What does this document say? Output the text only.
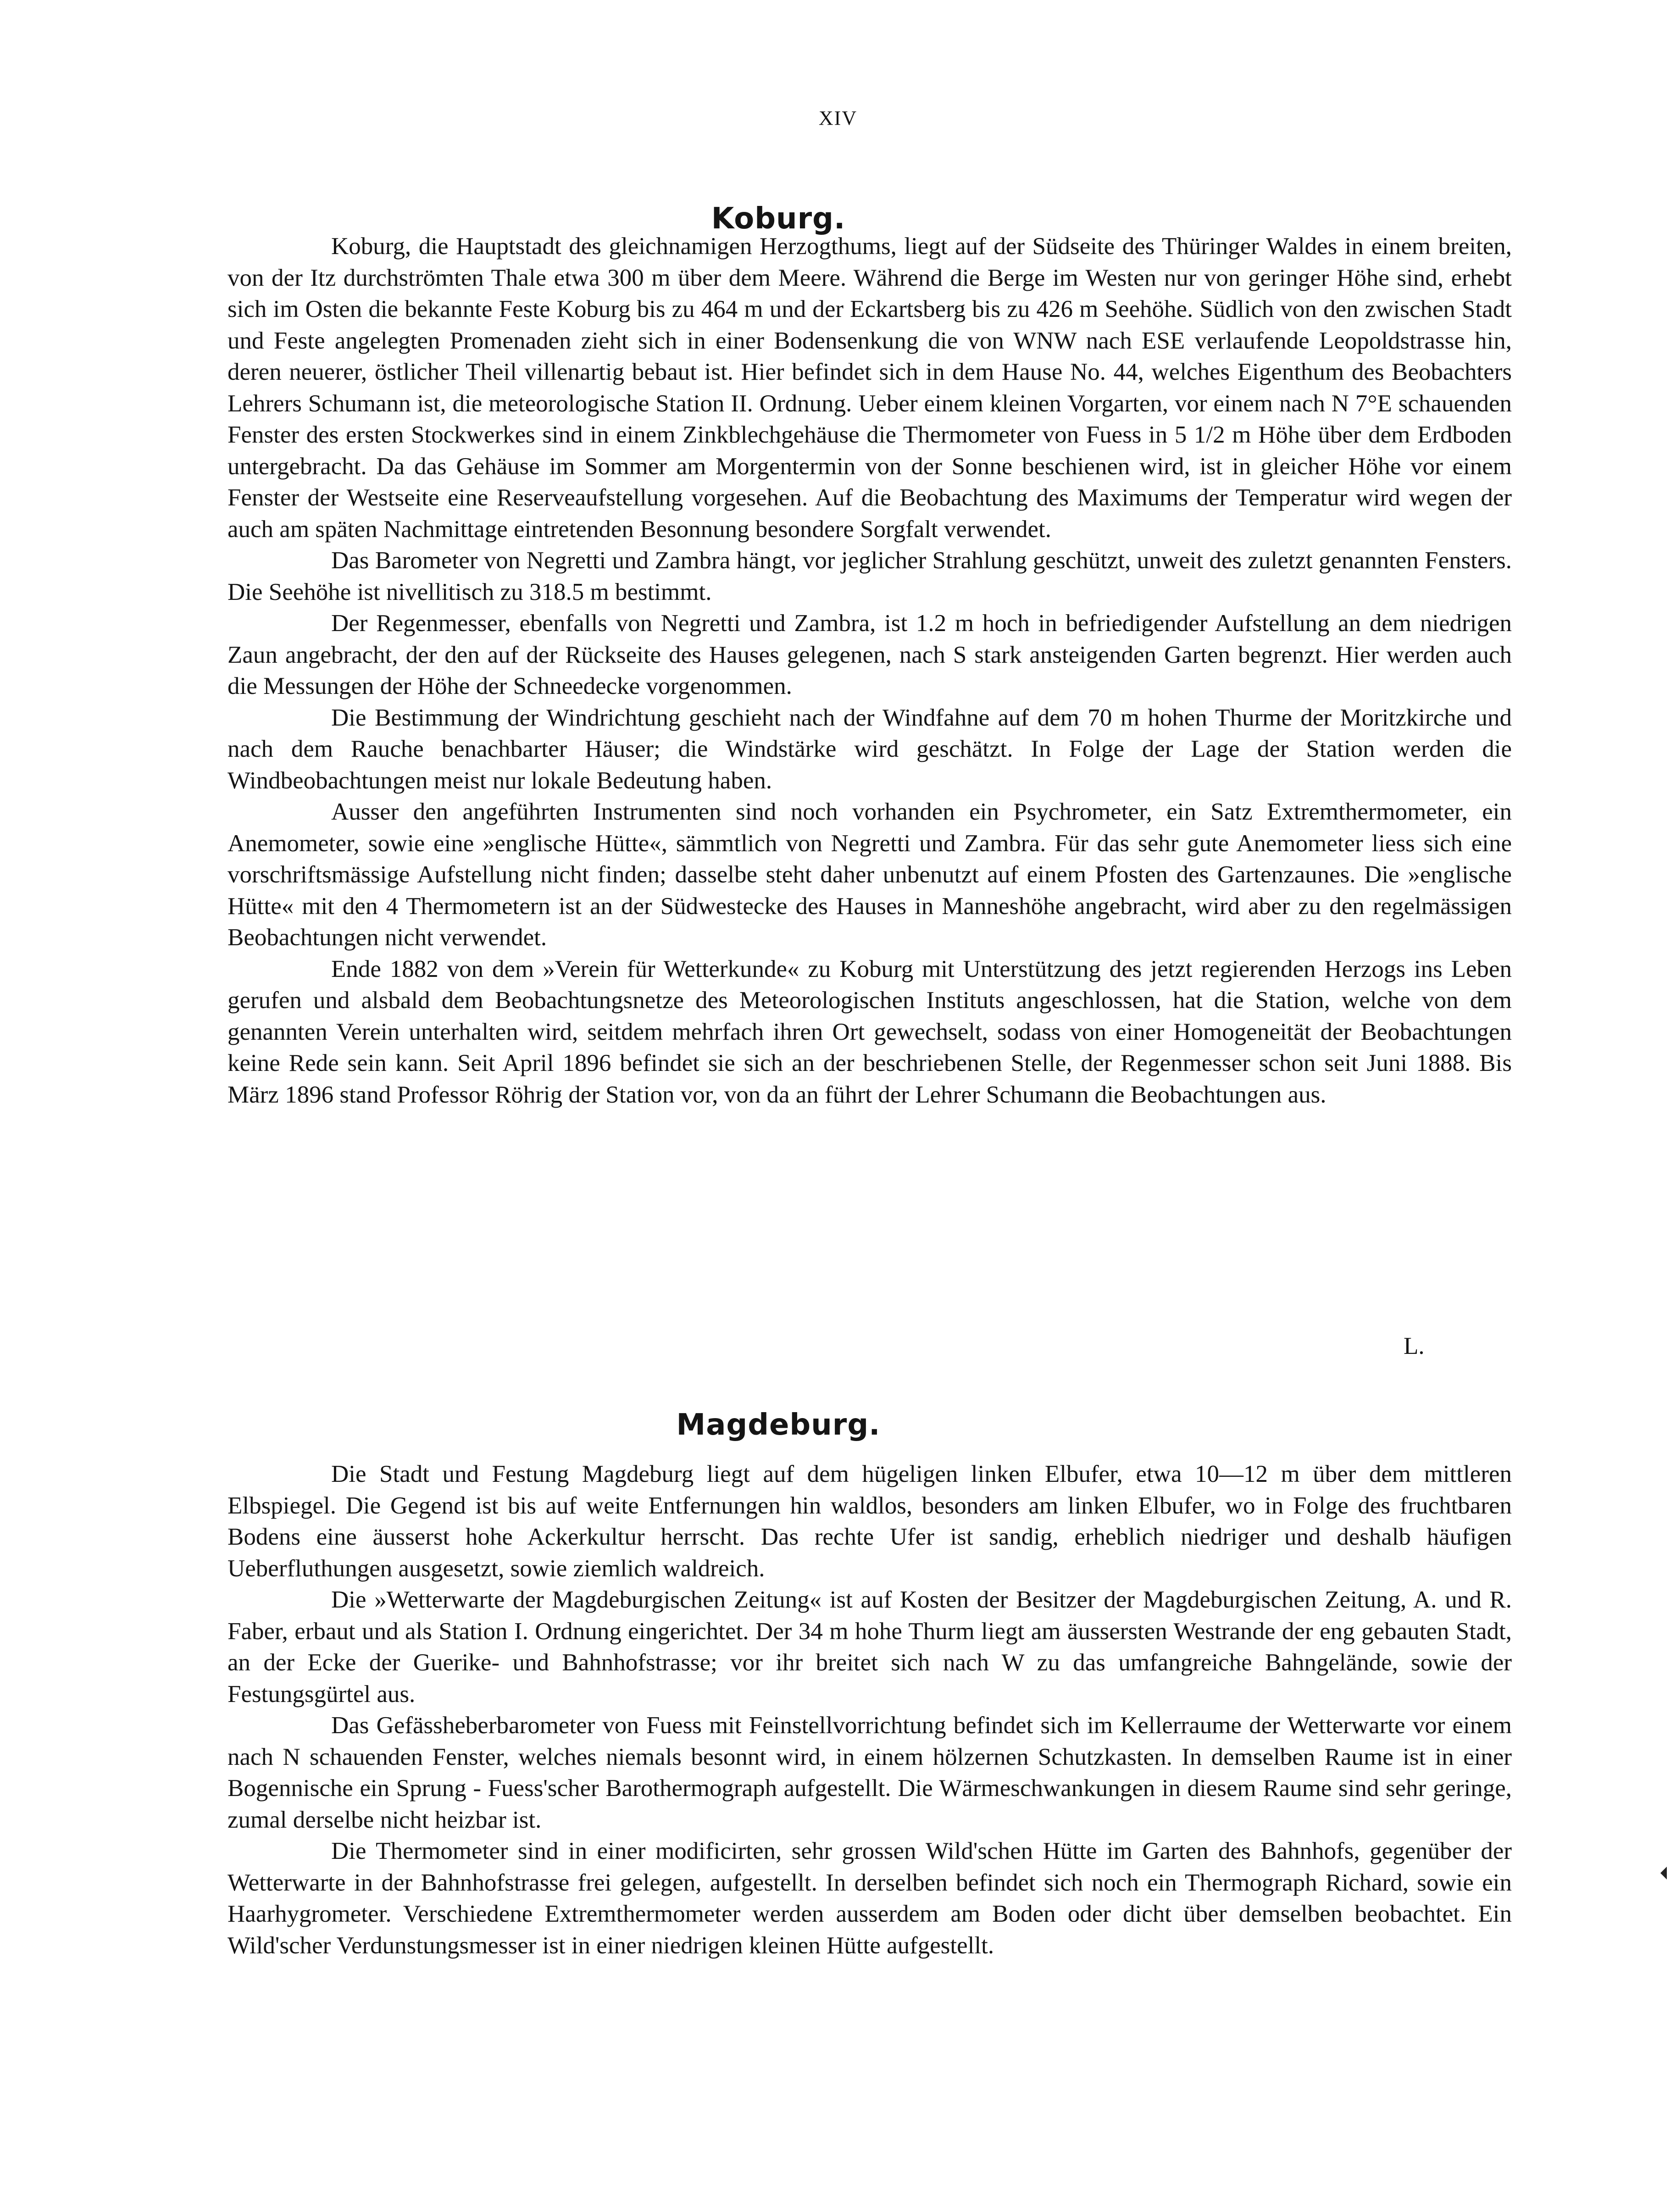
XIV
Koburg.

Koburg, die Hauptstadt des gleichnamigen Herzogthums, liegt auf der Südseite des Thüringer Waldes in einem breiten, von der Itz durchströmten Thale etwa 300 m über dem Meere. Während die Berge im Westen nur von geringer Höhe sind, erhebt sich im Osten die bekannte Feste Koburg bis zu 464 m und der Eckartsberg bis zu 426 m Seehöhe. Südlich von den zwischen Stadt und Feste angelegten Promenaden zieht sich in einer Bodensenkung die von WNW nach ESE verlaufende Leopoldstrasse hin, deren neuerer, östlicher Theil villenartig bebaut ist. Hier befindet sich in dem Hause No. 44, welches Eigenthum des Beobachters Lehrers Schumann ist, die meteorologische Station II. Ordnung. Ueber einem kleinen Vorgarten, vor einem nach N 7°E schauenden Fenster des ersten Stockwerkes sind in einem Zinkblechgehäuse die Thermometer von Fuess in 5 1/2 m Höhe über dem Erdboden untergebracht. Da das Gehäuse im Sommer am Morgentermin von der Sonne beschienen wird, ist in gleicher Höhe vor einem Fenster der Westseite eine Reserveaufstellung vorgesehen. Auf die Beobachtung des Maximums der Temperatur wird wegen der auch am späten Nachmittage eintretenden Besonnung besondere Sorgfalt verwendet.

Das Barometer von Negretti und Zambra hängt, vor jeglicher Strahlung geschützt, unweit des zuletzt genannten Fensters. Die Seehöhe ist nivellitisch zu 318.5 m bestimmt.

Der Regenmesser, ebenfalls von Negretti und Zambra, ist 1.2 m hoch in befriedigender Aufstellung an dem niedrigen Zaun angebracht, der den auf der Rückseite des Hauses gelegenen, nach S stark ansteigenden Garten begrenzt. Hier werden auch die Messungen der Höhe der Schneedecke vorgenommen.

Die Bestimmung der Windrichtung geschieht nach der Windfahne auf dem 70 m hohen Thurme der Moritzkirche und nach dem Rauche benachbarter Häuser; die Windstärke wird geschätzt. In Folge der Lage der Station werden die Windbeobachtungen meist nur lokale Bedeutung haben.

Ausser den angeführten Instrumenten sind noch vorhanden ein Psychrometer, ein Satz Extremthermometer, ein Anemometer, sowie eine »englische Hütte«, sämmtlich von Negretti und Zambra. Für das sehr gute Anemometer liess sich eine vorschriftsmässige Aufstellung nicht finden; dasselbe steht daher unbenutzt auf einem Pfosten des Gartenzaunes. Die »englische Hütte« mit den 4 Thermometern ist an der Südwestecke des Hauses in Manneshöhe angebracht, wird aber zu den regelmässigen Beobachtungen nicht verwendet.

Ende 1882 von dem »Verein für Wetterkunde« zu Koburg mit Unterstützung des jetzt regierenden Herzogs ins Leben gerufen und alsbald dem Beobachtungsnetze des Meteorologischen Instituts angeschlossen, hat die Station, welche von dem genannten Verein unterhalten wird, seitdem mehrfach ihren Ort gewechselt, sodass von einer Homogeneität der Beobachtungen keine Rede sein kann. Seit April 1896 befindet sie sich an der beschriebenen Stelle, der Regenmesser schon seit Juni 1888. Bis März 1896 stand Professor Röhrig der Station vor, von da an führt der Lehrer Schumann die Beobachtungen aus.

L.
Magdeburg.

Die Stadt und Festung Magdeburg liegt auf dem hügeligen linken Elbufer, etwa 10—12 m über dem mittleren Elbspiegel. Die Gegend ist bis auf weite Entfernungen hin waldlos, besonders am linken Elbufer, wo in Folge des fruchtbaren Bodens eine äusserst hohe Ackerkultur herrscht. Das rechte Ufer ist sandig, erheblich niedriger und deshalb häufigen Ueberfluthungen ausgesetzt, sowie ziemlich waldreich.

Die »Wetterwarte der Magdeburgischen Zeitung« ist auf Kosten der Besitzer der Magdeburgischen Zeitung, A. und R. Faber, erbaut und als Station I. Ordnung eingerichtet. Der 34 m hohe Thurm liegt am äussersten Westrande der eng gebauten Stadt, an der Ecke der Guerike- und Bahnhofstrasse; vor ihr breitet sich nach W zu das umfangreiche Bahngelände, sowie der Festungsgürtel aus.

Das Gefässheberbarometer von Fuess mit Feinstellvorrichtung befindet sich im Kellerraume der Wetterwarte vor einem nach N schauenden Fenster, welches niemals besonnt wird, in einem hölzernen Schutzkasten. In demselben Raume ist in einer Bogennische ein Sprung - Fuess'scher Barothermograph aufgestellt. Die Wärmeschwankungen in diesem Raume sind sehr geringe, zumal derselbe nicht heizbar ist.

Die Thermometer sind in einer modificirten, sehr grossen Wild'schen Hütte im Garten des Bahnhofs, gegenüber der Wetterwarte in der Bahnhofstrasse frei gelegen, aufgestellt. In derselben befindet sich noch ein Thermograph Richard, sowie ein Haarhygrometer. Verschiedene Extremthermometer werden ausserdem am Boden oder dicht über demselben beobachtet. Ein Wild'scher Verdunstungsmesser ist in einer niedrigen kleinen Hütte aufgestellt.
